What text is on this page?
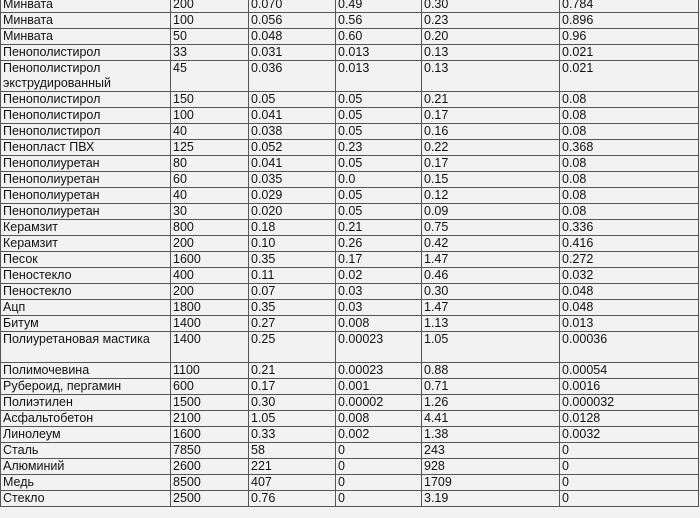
Минвата	200	0.070	0.49	0.30	0.784
Минвата	100	0.056	0.56	0.23	0.896
Минвата	50	0.048	0.60	0.20	0.96
Пенополистирол	33	0.031	0.013	0.13	0.021
Пенополистирол экструдированный	45	0.036	0.013	0.13	0.021
Пенополистирол	150	0.05	0.05	0.21	0.08
Пенополистирол	100	0.041	0.05	0.17	0.08
Пенополистирол	40	0.038	0.05	0.16	0.08
Пенопласт ПВХ	125	0.052	0.23	0.22	0.368
Пенополиуретан	80	0.041	0.05	0.17	0.08
Пенополиуретан	60	0.035	0.0	0.15	0.08
Пенополиуретан	40	0.029	0.05	0.12	0.08
Пенополиуретан	30	0.020	0.05	0.09	0.08
Керамзит	800	0.18	0.21	0.75	0.336
Керамзит	200	0.10	0.26	0.42	0.416
Песок	1600	0.35	0.17	1.47	0.272
Пеностекло	400	0.11	0.02	0.46	0.032
Пеностекло	200	0.07	0.03	0.30	0.048
Ацп	1800	0.35	0.03	1.47	0.048
Битум	1400	0.27	0.008	1.13	0.013
Полиуретановая мастика	1400	0.25	0.00023	1.05	0.00036
Полимочевина	1100	0.21	0.00023	0.88	0.00054
Рубероид, пергамин	600	0.17	0.001	0.71	0.0016
Полиэтилен	1500	0.30	0.00002	1.26	0.000032
Асфальтобетон	2100	1.05	0.008	4.41	0.0128
Линолеум	1600	0.33	0.002	1.38	0.0032
Сталь	7850	58	0	243	0
Алюминий	2600	221	0	928	0
Медь	8500	407	0	1709	0
Стекло	2500	0.76	0	3.19	0
